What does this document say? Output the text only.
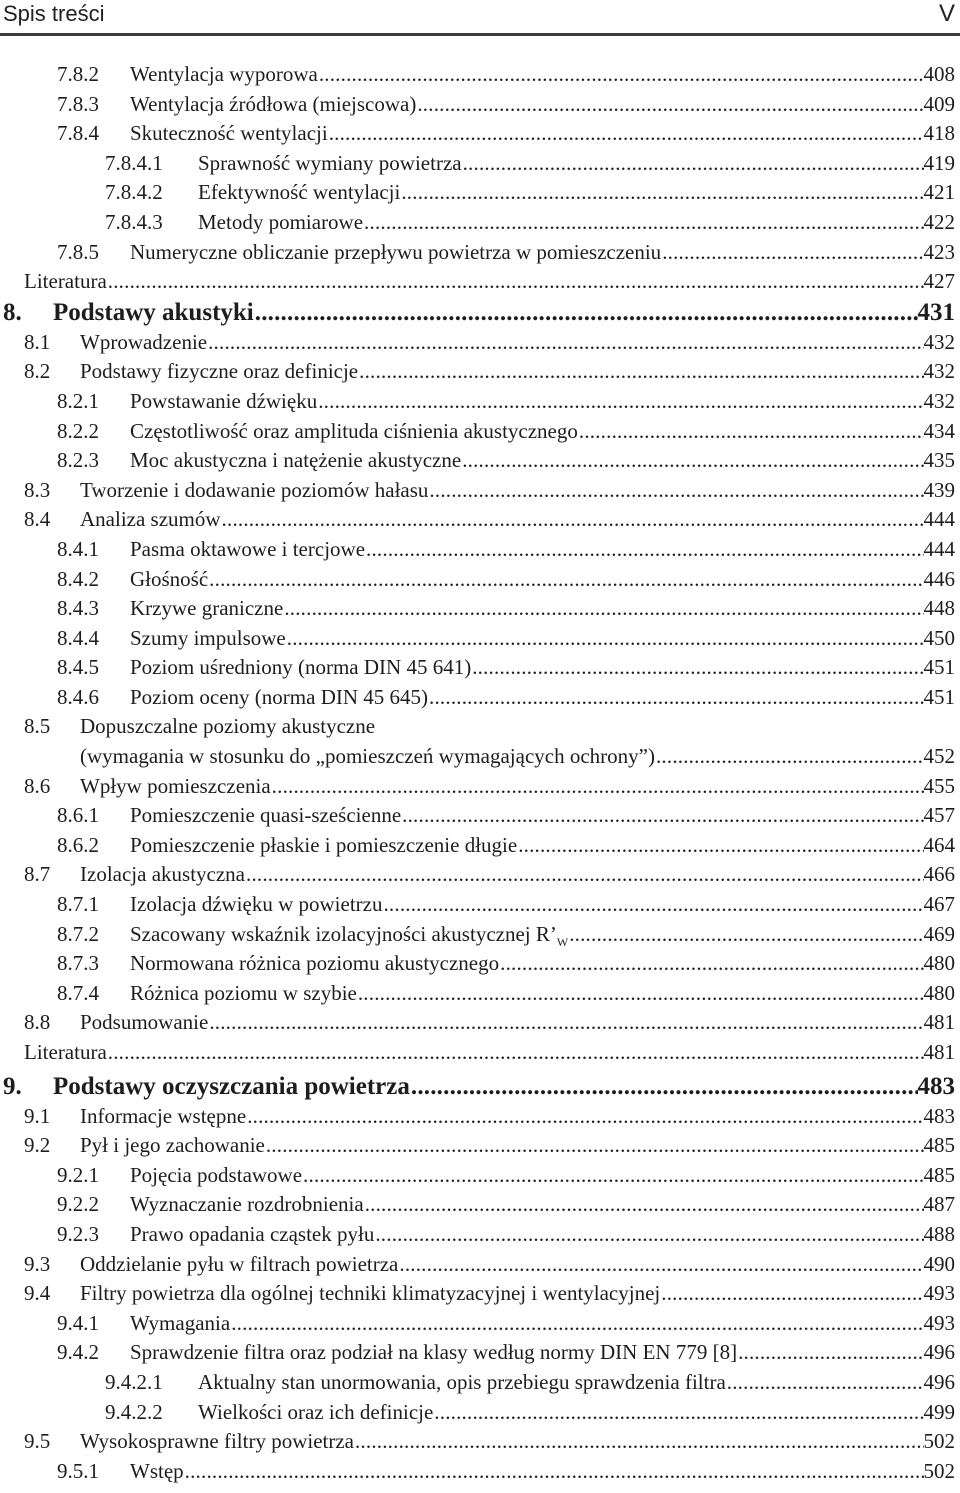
Spis treści	V
7.8.2 Wentylacja wyporowa .....	408
7.8.3 Wentylacja źródłowa (miejscowa) .....	409
7.8.4 Skuteczność wentylacji .....	418
7.8.4.1 Sprawność wymiany powietrza .....	419
7.8.4.2 Efektywność wentylacji .....	421
7.8.4.3 Metody pomiarowe .....	422
7.8.5 Numeryczne obliczanie przepływu powietrza w pomieszczeniu .....	423
Literatura .....	427
8. Podstawy akustyki .....	431
8.1 Wprowadzenie .....	432
8.2 Podstawy fizyczne oraz definicje .....	432
8.2.1 Powstawanie dźwięku .....	432
8.2.2 Częstotliwość oraz amplituda ciśnienia akustycznego .....	434
8.2.3 Moc akustyczna i natężenie akustyczne .....	435
8.3 Tworzenie i dodawanie poziomów hałasu .....	439
8.4 Analiza szumów .....	444
8.4.1 Pasma oktawowe i tercjowe .....	444
8.4.2 Głośność .....	446
8.4.3 Krzywe graniczne .....	448
8.4.4 Szumy impulsowe .....	450
8.4.5 Poziom uśredniony (norma DIN 45 641) .....	451
8.4.6 Poziom oceny (norma DIN 45 645) .....	451
8.5 Dopuszczalne poziomy akustyczne
(wymagania w stosunku do „pomieszczeń wymagających ochrony”) .....	452
8.6 Wpływ pomieszczenia .....	455
8.6.1 Pomieszczenie quasi-sześcienne .....	457
8.6.2 Pomieszczenie płaskie i pomieszczenie długie .....	464
8.7 Izolacja akustyczna .....	466
8.7.1 Izolacja dźwięku w powietrzu .....	467
8.7.2 Szacowany wskaźnik izolacyjności akustycznej $R’_W$ .....	469
8.7.3 Normowana różnica poziomu akustycznego .....	480
8.7.4 Różnica poziomu w szybie .....	480
8.8 Podsumowanie .....	481
Literatura .....	481
9. Podstawy oczyszczania powietrza .....	483
9.1 Informacje wstępne .....	483
9.2 Pył i jego zachowanie .....	485
9.2.1 Pojęcia podstawowe .....	485
9.2.2 Wyznaczanie rozdrobnienia .....	487
9.2.3 Prawo opadania cząstek pyłu .....	488
9.3 Oddzielanie pyłu w filtrach powietrza .....	490
9.4 Filtry powietrza dla ogólnej techniki klimatyzacyjnej i wentylacyjnej .....	493
9.4.1 Wymagania .....	493
9.4.2 Sprawdzenie filtra oraz podział na klasy według normy DIN EN 779 [8] .....	496
9.4.2.1 Aktualny stan unormowania, opis przebiegu sprawdzenia filtra .....	496
9.4.2.2 Wielkości oraz ich definicje .....	499
9.5 Wysokosprawne filtry powietrza .....	502
9.5.1 Wstęp .....	502
